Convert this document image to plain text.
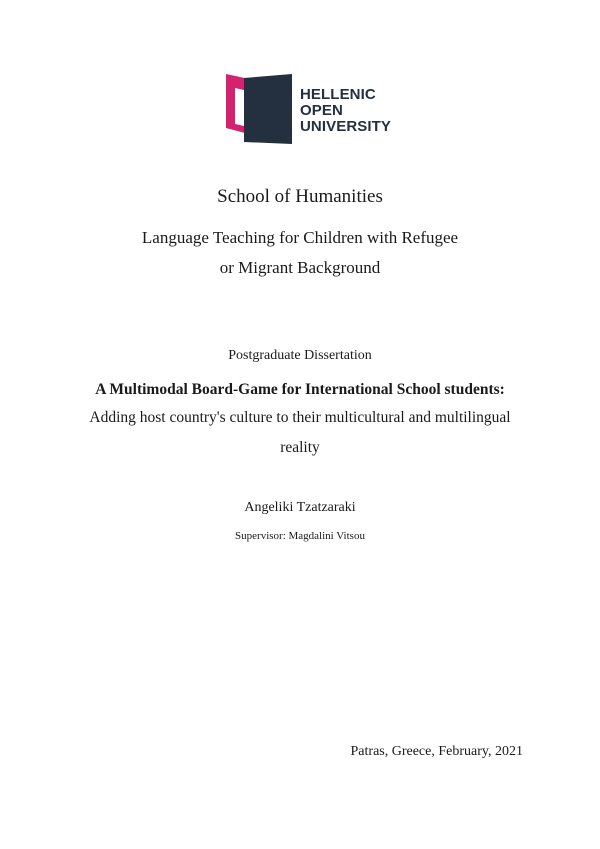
HELLENIC
OPEN
UNIVERSITY
School of Humanities
Language Teaching for Children with Refugee
or Migrant Background
Postgraduate Dissertation
A Multimodal Board-Game for International School students:
Adding host country's culture to their multicultural and multilingual
reality
Angeliki Tzatzaraki
Supervisor: Magdalini Vitsou
Patras, Greece, February, 2021
